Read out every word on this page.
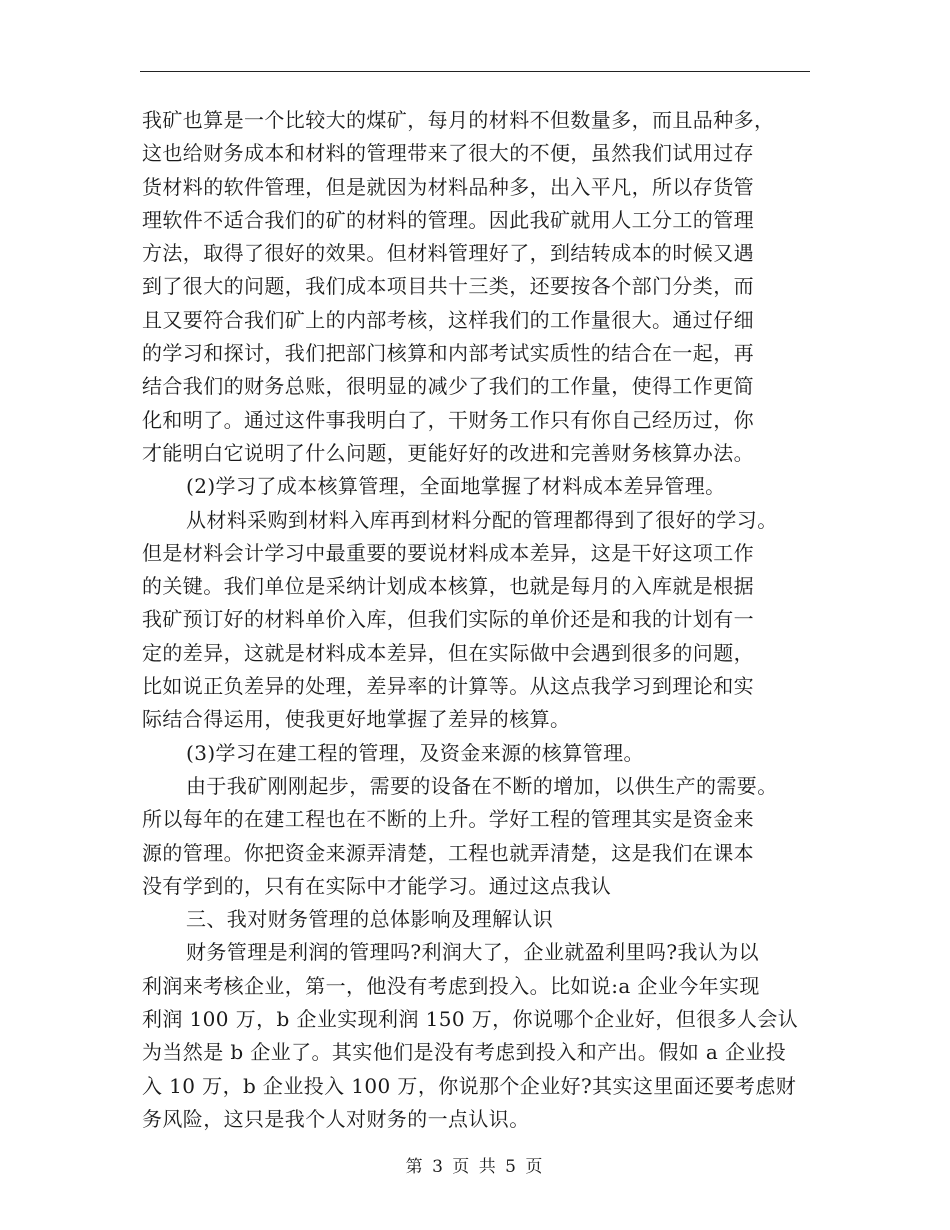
我矿也算是一个比较大的煤矿，每月的材料不但数量多，而且品种多，
这也给财务成本和材料的管理带来了很大的不便，虽然我们试用过存
货材料的软件管理，但是就因为材料品种多，出入平凡，所以存货管
理软件不适合我们的矿的材料的管理。因此我矿就用人工分工的管理
方法，取得了很好的效果。但材料管理好了，到结转成本的时候又遇
到了很大的问题，我们成本项目共十三类，还要按各个部门分类，而
且又要符合我们矿上的内部考核，这样我们的工作量很大。通过仔细
的学习和探讨，我们把部门核算和内部考试实质性的结合在一起，再
结合我们的财务总账，很明显的减少了我们的工作量，使得工作更简
化和明了。通过这件事我明白了，干财务工作只有你自己经历过，你
才能明白它说明了什么问题，更能好好的改进和完善财务核算办法。
(2)学习了成本核算管理，全面地掌握了材料成本差异管理。
从材料采购到材料入库再到材料分配的管理都得到了很好的学习。
但是材料会计学习中最重要的要说材料成本差异，这是干好这项工作
的关键。我们单位是采纳计划成本核算，也就是每月的入库就是根据
我矿预订好的材料单价入库，但我们实际的单价还是和我的计划有一
定的差异，这就是材料成本差异，但在实际做中会遇到很多的问题，
比如说正负差异的处理，差异率的计算等。从这点我学习到理论和实
际结合得运用，使我更好地掌握了差异的核算。
(3)学习在建工程的管理，及资金来源的核算管理。
由于我矿刚刚起步，需要的设备在不断的增加，以供生产的需要。
所以每年的在建工程也在不断的上升。学好工程的管理其实是资金来
源的管理。你把资金来源弄清楚，工程也就弄清楚，这是我们在课本
没有学到的，只有在实际中才能学习。通过这点我认
三、我对财务管理的总体影响及理解认识
财务管理是利润的管理吗?利润大了，企业就盈利里吗?我认为以
利润来考核企业，第一，他没有考虑到投入。比如说:a 企业今年实现
利润 100 万，b 企业实现利润 150 万，你说哪个企业好，但很多人会认
为当然是 b 企业了。其实他们是没有考虑到投入和产出。假如 a 企业投
入 10 万，b 企业投入 100 万，你说那个企业好?其实这里面还要考虑财
务风险，这只是我个人对财务的一点认识。
第 3 页 共 5 页
